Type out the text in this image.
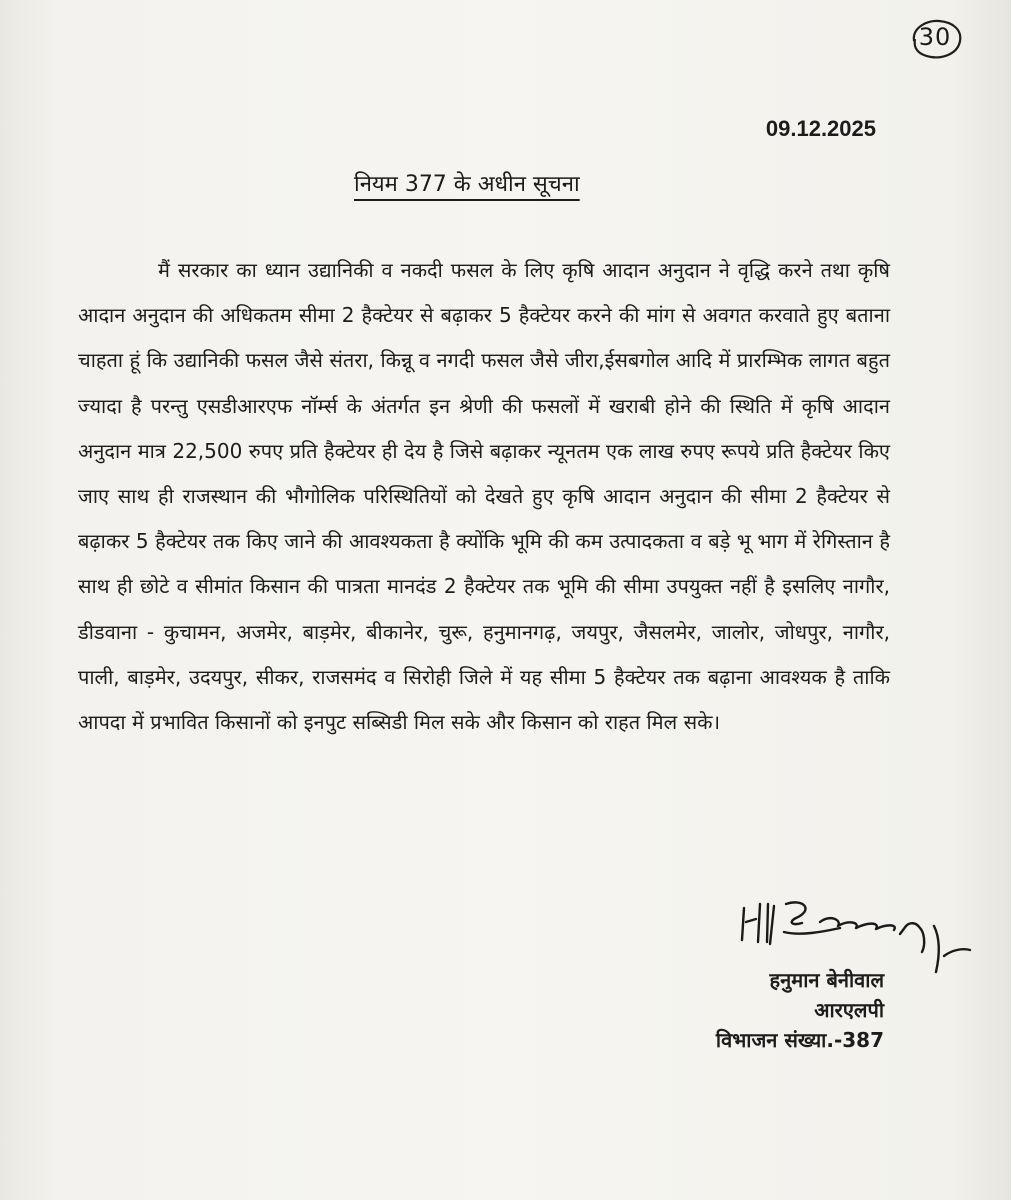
30
09.12.2025
नियम 377 के अधीन सूचना

मैं सरकार का ध्यान उद्यानिकी व नकदी फसल के लिए कृषि आदान अनुदान ने वृद्धि करने तथा कृषि आदान अनुदान की अधिकतम सीमा 2 हैक्टेयर से बढ़ाकर 5 हैक्टेयर करने की मांग से अवगत करवाते हुए बताना चाहता हूं कि उद्यानिकी फसल जैसे संतरा, किन्नू व नगदी फसल जैसे जीरा,ईसबगोल आदि में प्रारम्भिक लागत बहुत ज्यादा है परन्तु एसडीआरएफ नॉर्म्स के अंतर्गत इन श्रेणी की फसलों में खराबी होने की स्थिति में कृषि आदान अनुदान मात्र 22,500 रुपए प्रति हैक्टेयर ही देय है जिसे बढ़ाकर न्यूनतम एक लाख रुपए रूपये प्रति हैक्टेयर किए जाए साथ ही राजस्थान की भौगोलिक परिस्थितियों को देखते हुए कृषि आदान अनुदान की सीमा 2 हैक्टेयर से बढ़ाकर 5 हैक्टेयर तक किए जाने की आवश्यकता है क्योंकि भूमि की कम उत्पादकता व बड़े भू भाग में रेगिस्तान है साथ ही छोटे व सीमांत किसान की पात्रता मानदंड 2 हैक्टेयर तक भूमि की सीमा उपयुक्त नहीं है इसलिए नागौर, डीडवाना - कुचामन, अजमेर, बाड़मेर, बीकानेर, चुरू, हनुमानगढ़, जयपुर, जैसलमेर, जालोर, जोधपुर, नागौर, पाली, बाड़मेर, उदयपुर, सीकर, राजसमंद व सिरोही जिले में यह सीमा 5 हैक्टेयर तक बढ़ाना आवश्यक है ताकि आपदा में प्रभावित किसानों को इनपुट सब्सिडी मिल सके और किसान को राहत मिल सके।

हनुमान बेनीवाल
आरएलपी
विभाजन संख्या.-387
